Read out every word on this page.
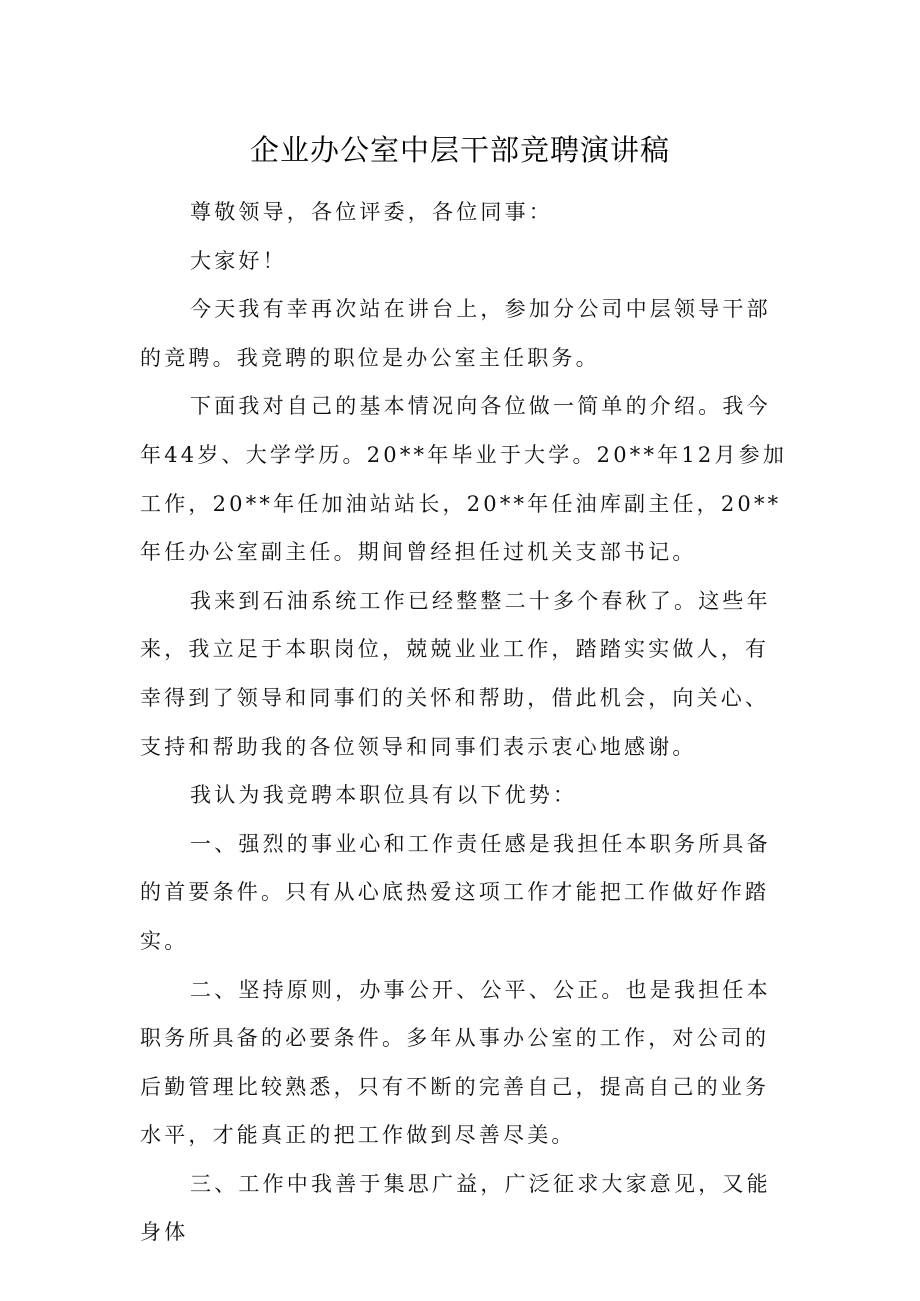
企业办公室中层干部竞聘演讲稿

尊敬领导，各位评委，各位同事：

大家好！

今天我有幸再次站在讲台上，参加分公司中层领导干部的竞聘。我竞聘的职位是办公室主任职务。

下面我对自己的基本情况向各位做一简单的介绍。我今年44岁、大学学历。20**年毕业于大学。20**年12月参加工作，20**年任加油站站长，20**年任油库副主任，20**年任办公室副主任。期间曾经担任过机关支部书记。

我来到石油系统工作已经整整二十多个春秋了。这些年来，我立足于本职岗位，兢兢业业工作，踏踏实实做人，有幸得到了领导和同事们的关怀和帮助，借此机会，向关心、支持和帮助我的各位领导和同事们表示衷心地感谢。

我认为我竞聘本职位具有以下优势：

一、强烈的事业心和工作责任感是我担任本职务所具备的首要条件。只有从心底热爱这项工作才能把工作做好作踏实。

二、坚持原则，办事公开、公平、公正。也是我担任本职务所具备的必要条件。多年从事办公室的工作，对公司的后勤管理比较熟悉，只有不断的完善自己，提高自己的业务水平，才能真正的把工作做到尽善尽美。

三、工作中我善于集思广益，广泛征求大家意见，又能身体
